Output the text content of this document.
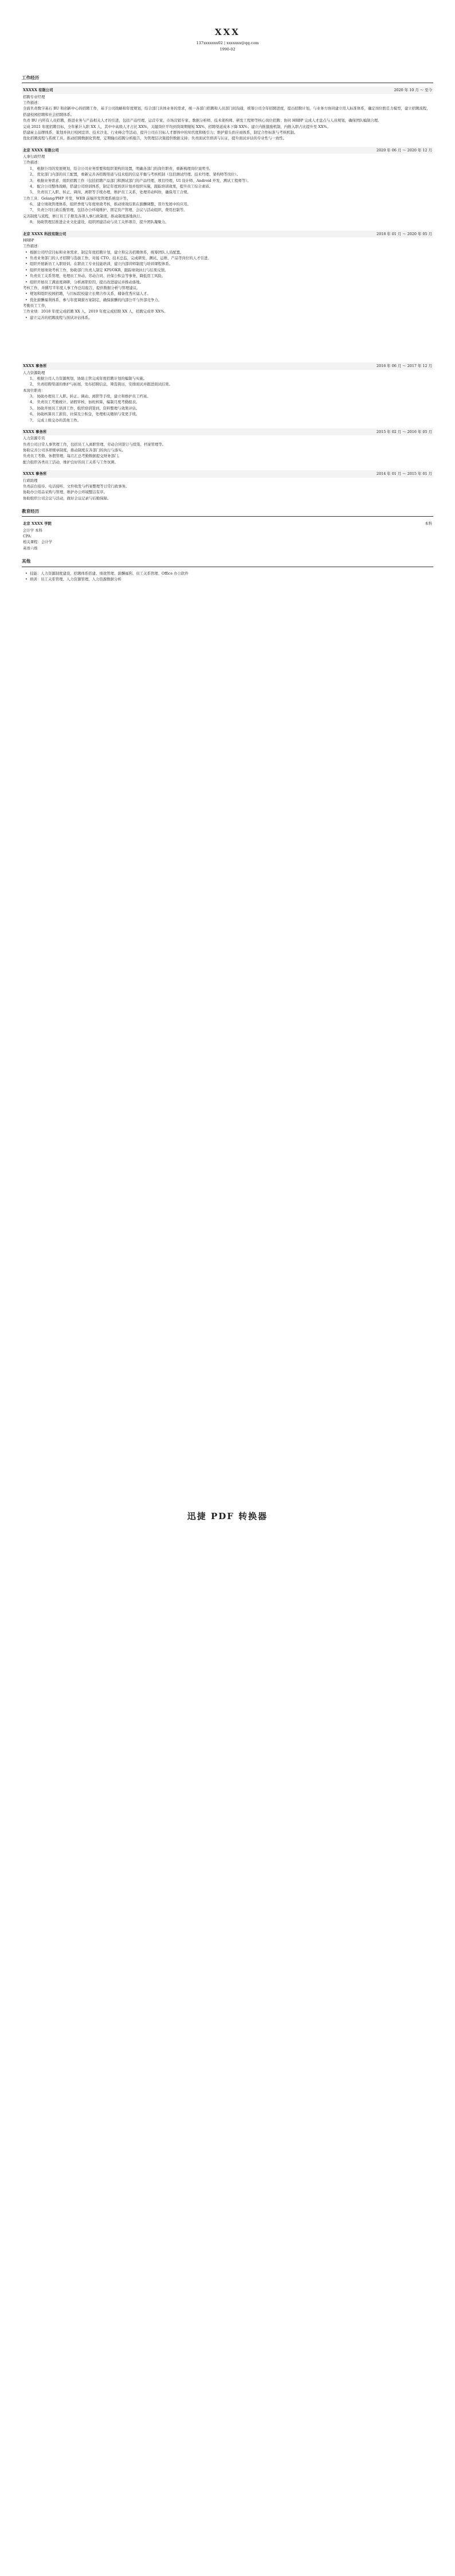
XXX
137xxxxxxx02 | xxxxxxx@qq.com
1990-02
工作经历
XXXXX 有限公司	2020 年 10 月 ～ 至今
招聘专业经理
工作描述：
全面负责数字基石 BU 和创新中心的招聘工作，基于公司战略和年度规划，结合部门具体业务的需求，统一各部门招聘和人员部门间沟通，统筹公司全年招聘进度，提出招聘计划，与业务方协同建立用人标准体系，确定岗位胜任力模型，建立招聘流程，搭建校园招聘和社会招聘体系。
负责 BU 内所有人员招聘，推进业务与产品相关人才的引进，包括产品经理、运营专家、市场营销专家、数据分析师、技术架构师、研发工程师等核心岗位招聘；协同 HRBP 完成人才盘点与人员规划，确保团队编制合理。
完成 2021 年度招聘目标，全年累计入职 XX 人，其中中高级人才占比 XX%，关键岗位平均到岗周期缩短 XX%，招聘渠道成本下降 XX%；建立内推激励机制，内推入职占比提升至 XX%。
搭建雇主品牌体系，策划并执行校园宣讲、技术沙龙、行业峰会等活动，提升公司在目标人才群体中的知名度和吸引力；维护猎头供应商体系，制定合作标准与考核机制。
优化招聘流程与系统工具，推动招聘数据化管理，定期输出招聘分析报告，为管理层决策提供数据支持；负责面试官培训与认证，提升面试评估的专业性与一致性。
北京 XXXX 有限公司	2020 年 06 月 ～ 2020 年 12 月
人事行政经理
工作描述：
1、 根据公司的发展规划，结合公司业务需要和组织架构的设置，明确各部门的岗位职责，重新梳理岗位说明书。
2、 优化部门内部的员工配置，重新完善各招聘渠道与技术组的信息平衡与考核机制（包括测试经理、技术经理、架构师等岗位）。
3、 根据业务需求，组织招聘工作（包括招聘产品部门和测试部门的产品经理、项目经理、UI 设计师、Android 开发、测试工程师等）。
4、 配合公司整体战略，搭建公司培训体系，制定年度培训计划并组织实施，跟踪培训效果，提升员工综合素质。
5、 负责员工入职、转正、调岗、离职等手续办理，维护员工关系，处理劳动纠纷，确保用工合规。
工作工具：Golang/PHP 开发，WEB 前端开发管理系统设计等。
6、 建立绩效管理体系，组织季度与年度绩效考核，推动绩效结果在薪酬调整、晋升发展中的应用。
7、 负责公司行政后勤管理，包括办公环境维护、固定资产管理、会议与活动组织、费用控制等。
完善制度与流程，修订员工手册及各项人事行政制度，推动制度落地执行。
8、 协助管理层推进企业文化建设，组织团建活动与员工关怀项目，提升团队凝聚力。
北京 XXXX 科技有限公司	2018 年 01 月 ～ 2020 年 05 月
HRBP
工作描述：
• 根据公司经营目标和业务需求，制定年度招聘计划，建立和完善招聘体系，统筹团队人员配置。
• 负责业务部门的人才招聘与选拔工作，对接 CTO、技术总监，完成研发、测试、运维、产品等岗位的人才引进。
• 组织开展新员工入职培训、在职员工专业技能培训，建立内部讲师制度与培训课程体系。
• 组织开展绩效考核工作，协助部门负责人制定 KPI/OKR，跟踪绩效执行与结果反馈。
• 负责员工关系管理，处理员工异动、劳动合同、社保公积金等事务，降低用工风险。
• 组织开展员工满意度调研，分析离职原因，提出改进建议并推动落地。
考核工作，并撰写半年度人事工作总结报告，提供数据分析与管理建议。
• 规划和组织校园招聘，与目标院校建立长期合作关系，储备优秀应届人才。
• 优化薪酬福利体系，参与年度调薪方案制定，确保薪酬的内部公平与外部竞争力。
考勤员工工作，
工作业绩：2018 年度完成招聘 XX 人，2019 年度完成招聘 XX 人，招聘完成率 XX%。
• 建立完善的招聘流程与面试评估体系。
XXXX 事务所	2016 年 06 月 ～ 2017 年 12 月
人力资源助理
1、 根据公司人力资源规划，协助主管完成年度招聘计划的编制与实施。
2、 负责招聘渠道的维护与拓展，发布招聘信息，筛选简历，安排面试并跟进面试结果。
本岗位职责：
3、 协助办理员工入职、转正、调动、离职等手续，建立和维护员工档案。
4、 负责员工考勤统计、请假审核、加班核算，编制月度考勤报表。
5、 协助开展员工培训工作，组织培训签到、资料整理与效果评估。
6、 协助核算员工薪资、社保及公积金，处理相关缴纳与变更手续。
7、 完成上级交办的其他工作。
XXXX 事务所	2015 年 02 月 ～ 2016 年 05 月
人力资源专员
负责公司日常人事管理工作，包括员工入离职管理、劳动合同签订与续签、档案管理等。
协助完善公司各项规章制度，推动制度在各部门的执行与落实。
负责员工考勤、休假管理，每月汇总考勤数据提交财务部门。
配合组织各类员工活动，维护良好的员工关系与工作氛围。
XXXX 事务所	2014 年 01 月 ～ 2015 年 01 月
行政助理
负责前台接待、电话接听、文件收发与档案整理等日常行政事务。
协助办公用品采购与管理，维护办公环境整洁有序。
协助组织公司会议与活动，做好会议记录与后勤保障。
教育经历
北京 XXXX 学院	本科
会计学 本科
CPA：
相关课程：会计学
英语六级
其他
• 技能：人力资源制度建设、招聘体系搭建、绩效管理、薪酬福利、员工关系管理、Office 办公软件
• 培训：员工关系管理、人力资源管理、人力资源数据分析
迅捷 PDF 转换器
